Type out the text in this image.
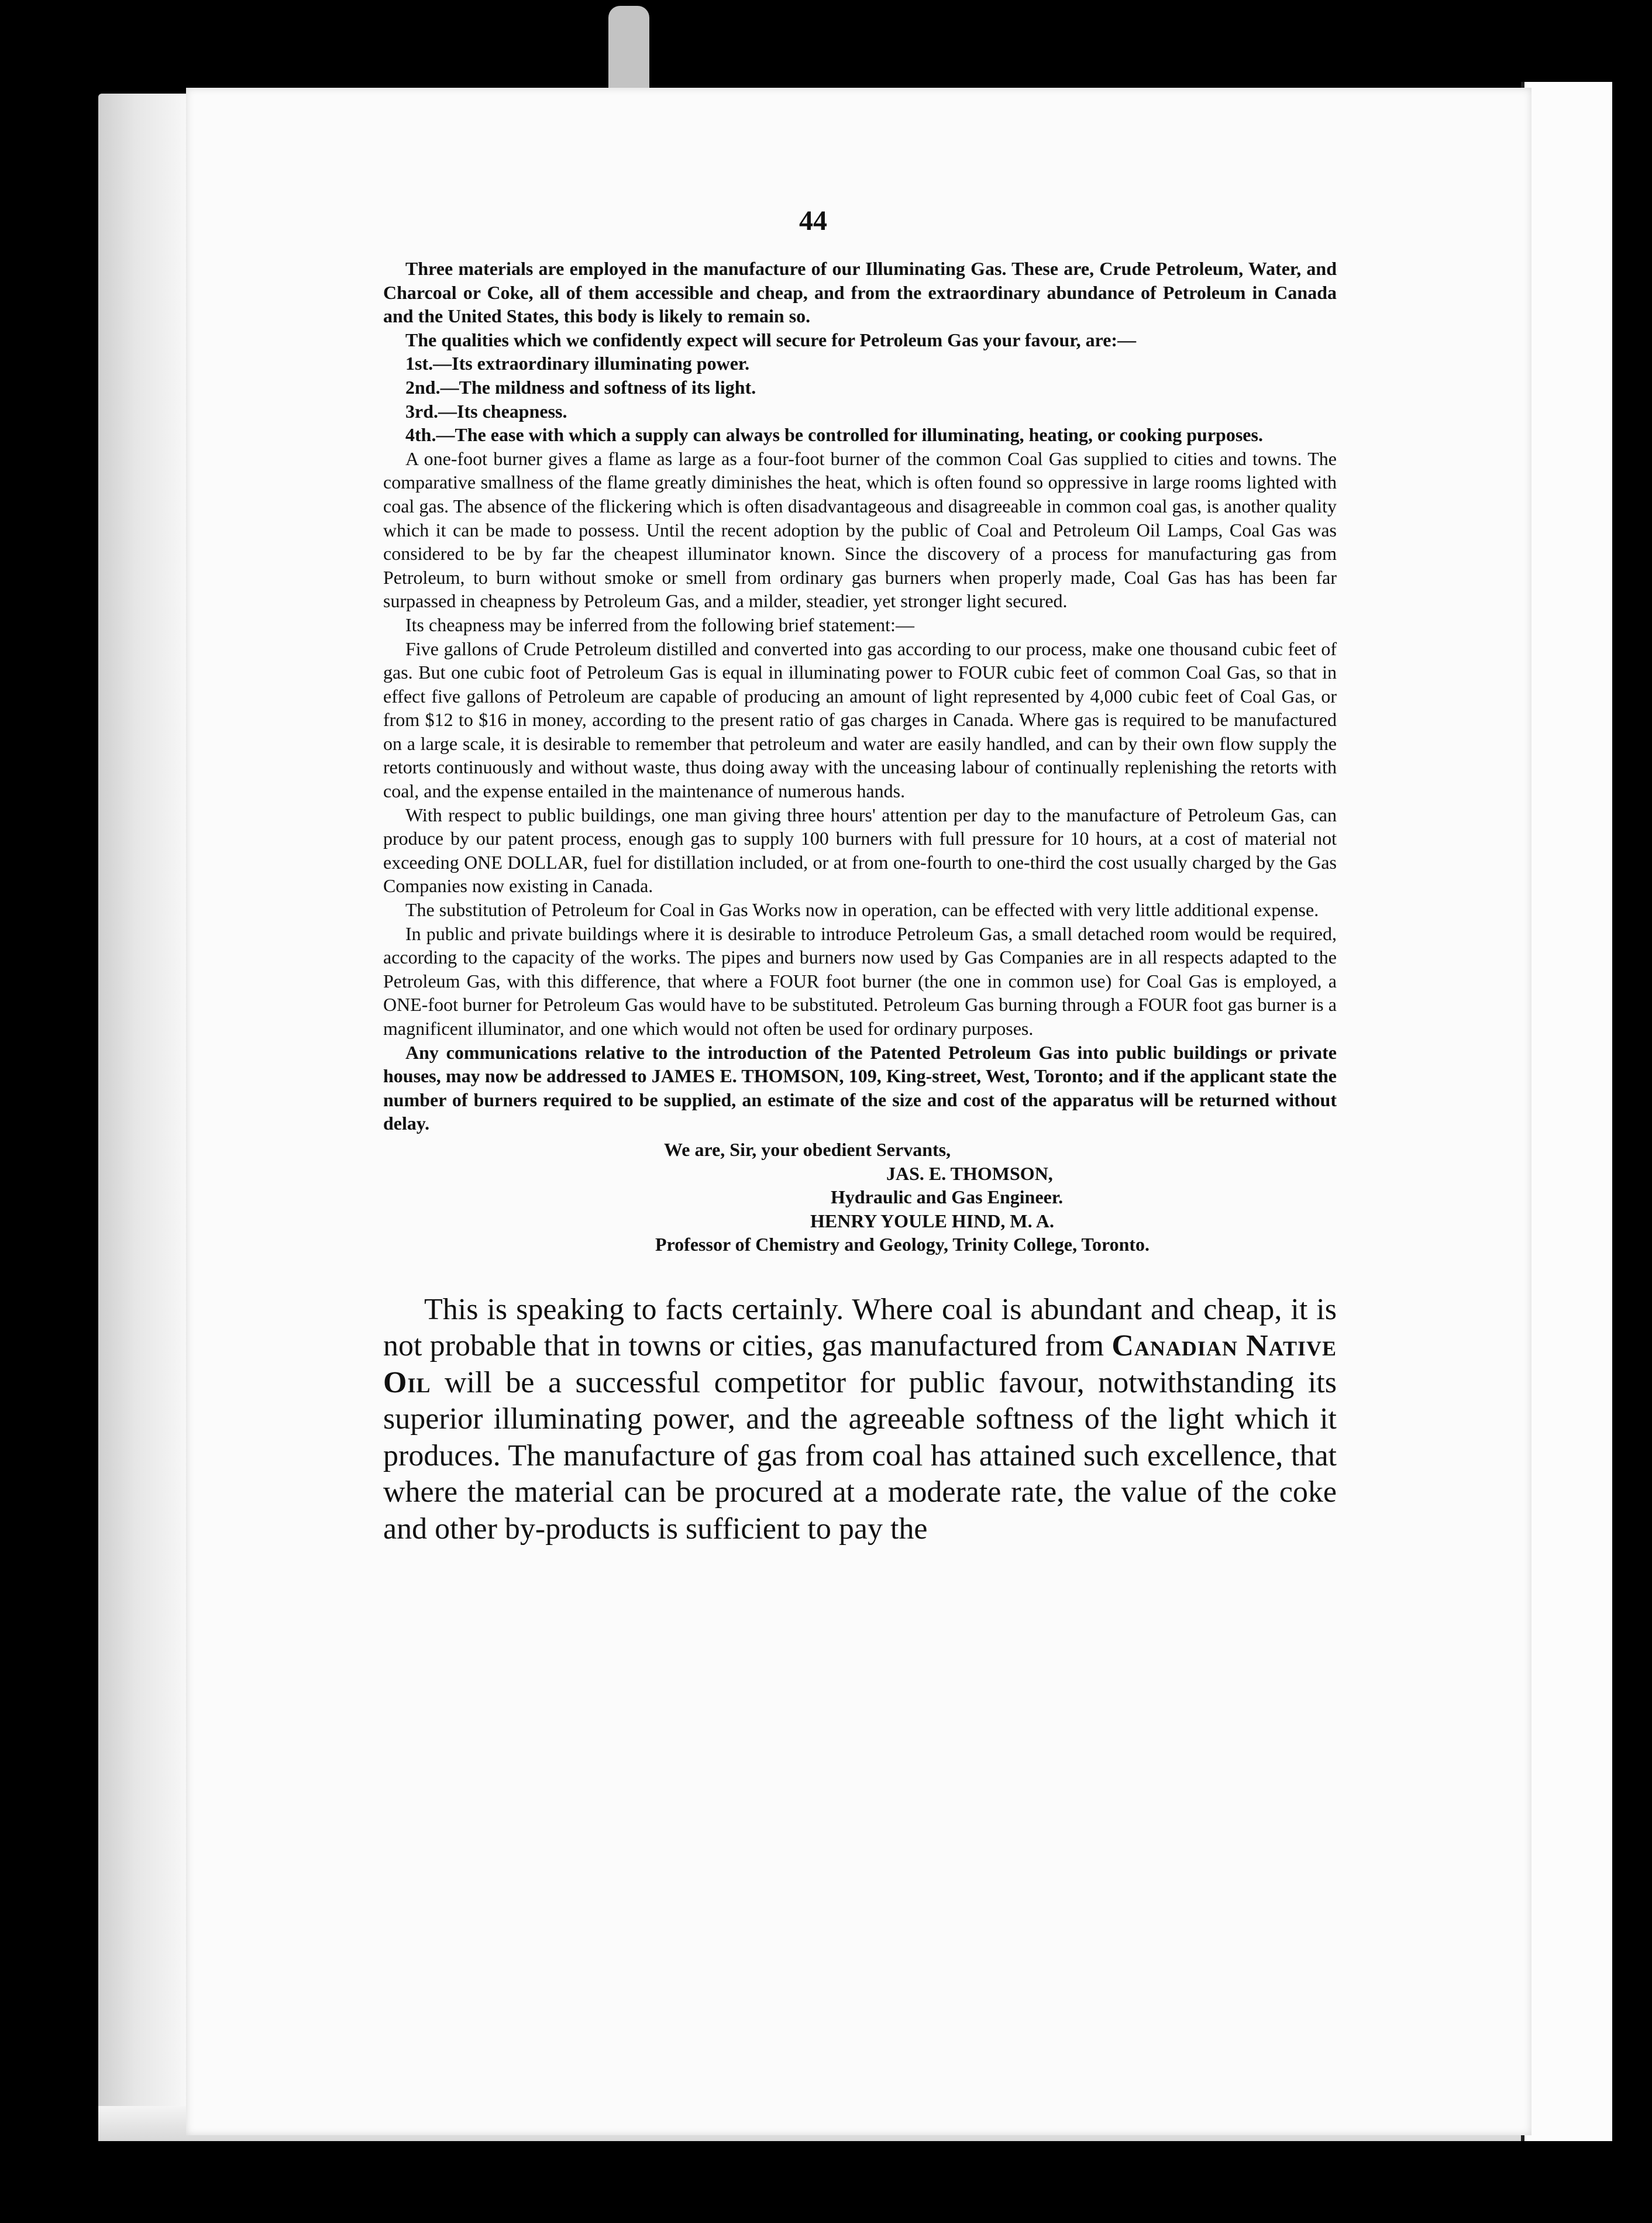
44

Three materials are employed in the manufacture of our Illuminating Gas. These are, Crude Petroleum, Water, and Charcoal or Coke, all of them accessible and cheap, and from the extraordinary abundance of Petroleum in Canada and the United States, this body is likely to remain so.

The qualities which we confidently expect will secure for Petroleum Gas your favour, are:—

1st.—Its extraordinary illuminating power.

2nd.—The mildness and softness of its light.

3rd.—Its cheapness.

4th.—The ease with which a supply can always be controlled for illuminating, heating, or cooking purposes.

A one-foot burner gives a flame as large as a four-foot burner of the common Coal Gas supplied to cities and towns. The comparative smallness of the flame greatly diminishes the heat, which is often found so oppressive in large rooms lighted with coal gas. The absence of the flickering which is often disadvantageous and disagreeable in common coal gas, is another quality which it can be made to possess. Until the recent adoption by the public of Coal and Petroleum Oil Lamps, Coal Gas was considered to be by far the cheapest illuminator known. Since the discovery of a process for manufacturing gas from Petroleum, to burn without smoke or smell from ordinary gas burners when properly made, Coal Gas has has been far surpassed in cheapness by Petroleum Gas, and a milder, steadier, yet stronger light secured.

Its cheapness may be inferred from the following brief statement:—

Five gallons of Crude Petroleum distilled and converted into gas according to our process, make one thousand cubic feet of gas. But one cubic foot of Petroleum Gas is equal in illuminating power to FOUR cubic feet of common Coal Gas, so that in effect five gallons of Petroleum are capable of producing an amount of light represented by 4,000 cubic feet of Coal Gas, or from $12 to $16 in money, according to the present ratio of gas charges in Canada. Where gas is required to be manufactured on a large scale, it is desirable to remember that petroleum and water are easily handled, and can by their own flow supply the retorts continuously and without waste, thus doing away with the unceasing labour of continually replenishing the retorts with coal, and the expense entailed in the maintenance of numerous hands.

With respect to public buildings, one man giving three hours' attention per day to the manufacture of Petroleum Gas, can produce by our patent process, enough gas to supply 100 burners with full pressure for 10 hours, at a cost of material not exceeding ONE DOLLAR, fuel for distillation included, or at from one-fourth to one-third the cost usually charged by the Gas Companies now existing in Canada.

The substitution of Petroleum for Coal in Gas Works now in operation, can be effected with very little additional expense.

In public and private buildings where it is desirable to introduce Petroleum Gas, a small detached room would be required, according to the capacity of the works. The pipes and burners now used by Gas Companies are in all respects adapted to the Petroleum Gas, with this difference, that where a FOUR foot burner (the one in common use) for Coal Gas is employed, a ONE-foot burner for Petroleum Gas would have to be substituted. Petroleum Gas burning through a FOUR foot gas burner is a magnificent illuminator, and one which would not often be used for ordinary purposes.

Any communications relative to the introduction of the Patented Petroleum Gas into public buildings or private houses, may now be addressed to JAMES E. THOMSON, 109, King-street, West, Toronto; and if the applicant state the number of burners required to be supplied, an estimate of the size and cost of the apparatus will be returned without delay.

We are, Sir, your obedient Servants,
JAS. E. THOMSON,
Hydraulic and Gas Engineer.
HENRY YOULE HIND, M. A.
Professor of Chemistry and Geology, Trinity College, Toronto.

This is speaking to facts certainly. Where coal is abundant and cheap, it is not probable that in towns or cities, gas manufactured from Canadian Native Oil will be a successful competitor for public favour, notwithstanding its superior illuminating power, and the agreeable softness of the light which it produces. The manufacture of gas from coal has attained such excellence, that where the material can be procured at a moderate rate, the value of the coke and other by-products is sufficient to pay the
